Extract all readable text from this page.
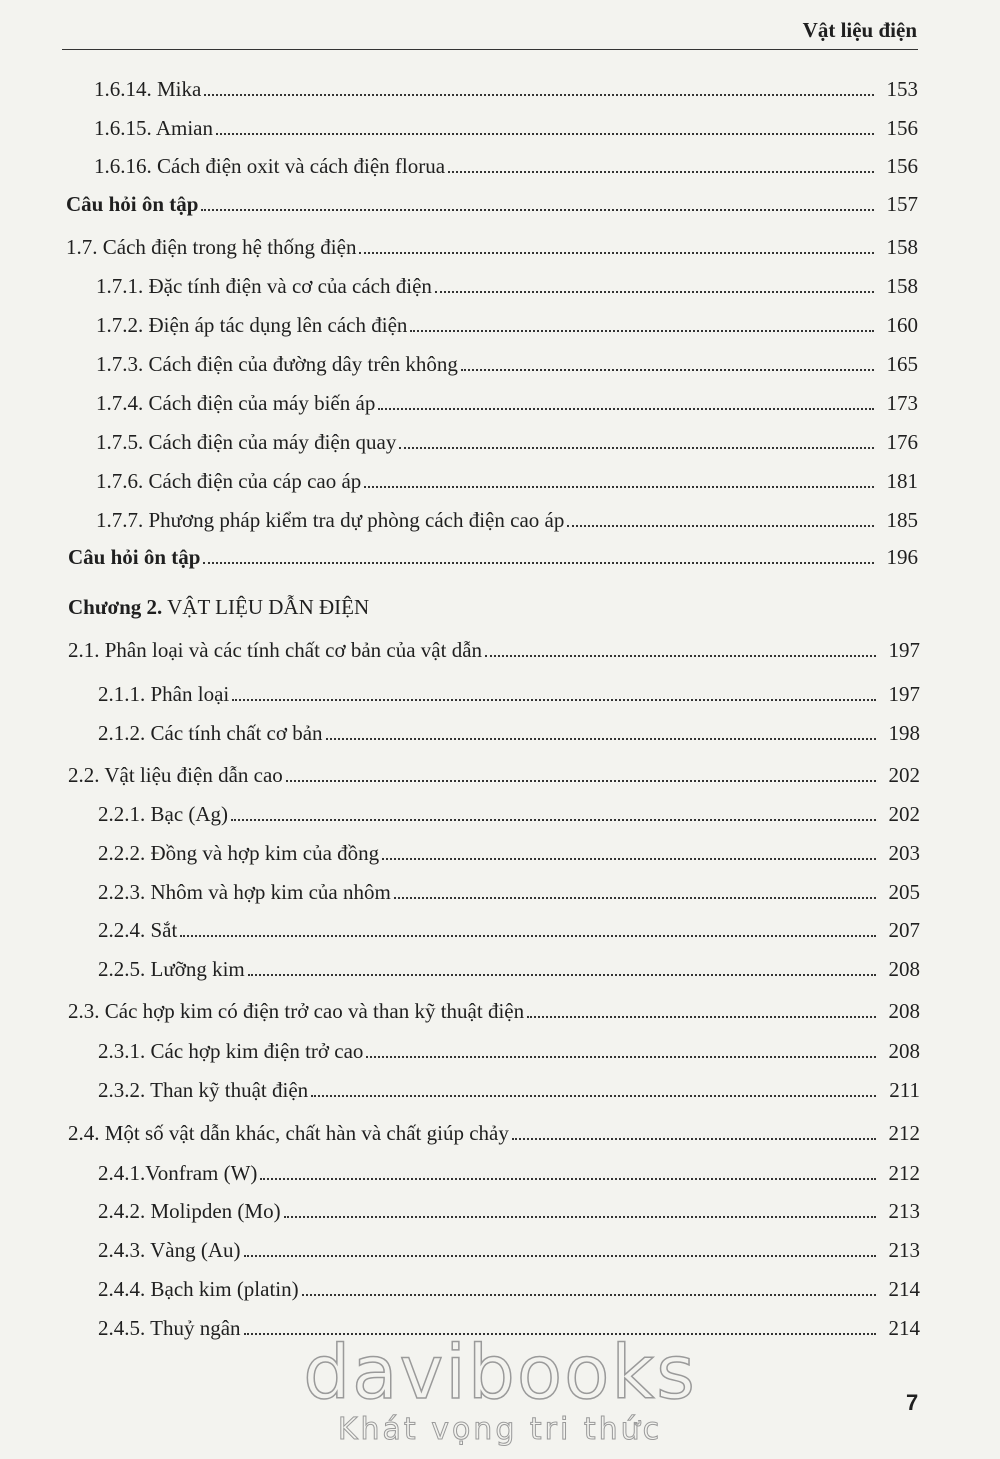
Vật liệu điện
1.6.14. Mika	153
1.6.15. Amian	156
1.6.16. Cách điện oxit và cách điện florua	156
Câu hỏi ôn tập	157
1.7. Cách điện trong hệ thống điện	158
1.7.1. Đặc tính điện và cơ của cách điện	158
1.7.2. Điện áp tác dụng lên cách điện	160
1.7.3. Cách điện của đường dây trên không	165
1.7.4. Cách điện của máy biến áp	173
1.7.5. Cách điện của máy điện quay	176
1.7.6. Cách điện của cáp cao áp	181
1.7.7. Phương pháp kiểm tra dự phòng cách điện cao áp	185
Câu hỏi ôn tập	196
Chương 2. VẬT LIỆU DẪN ĐIỆN
2.1. Phân loại và các tính chất cơ bản của vật dẫn	197
2.1.1. Phân loại	197
2.1.2. Các tính chất cơ bản	198
2.2. Vật liệu điện dẫn cao	202
2.2.1. Bạc (Ag)	202
2.2.2. Đồng và hợp kim của đồng	203
2.2.3. Nhôm và hợp kim của nhôm	205
2.2.4. Sắt	207
2.2.5. Lưỡng kim	208
2.3. Các hợp kim có điện trở cao và than kỹ thuật điện	208
2.3.1. Các hợp kim điện trở cao	208
2.3.2. Than kỹ thuật điện	211
2.4. Một số vật dẫn khác, chất hàn và chất giúp chảy	212
2.4.1.Vonfram (W)	212
2.4.2. Molipden (Mo)	213
2.4.3. Vàng (Au)	213
2.4.4. Bạch kim (platin)	214
2.4.5. Thuỷ ngân	214
7
davibooks
Khát vọng tri thức
